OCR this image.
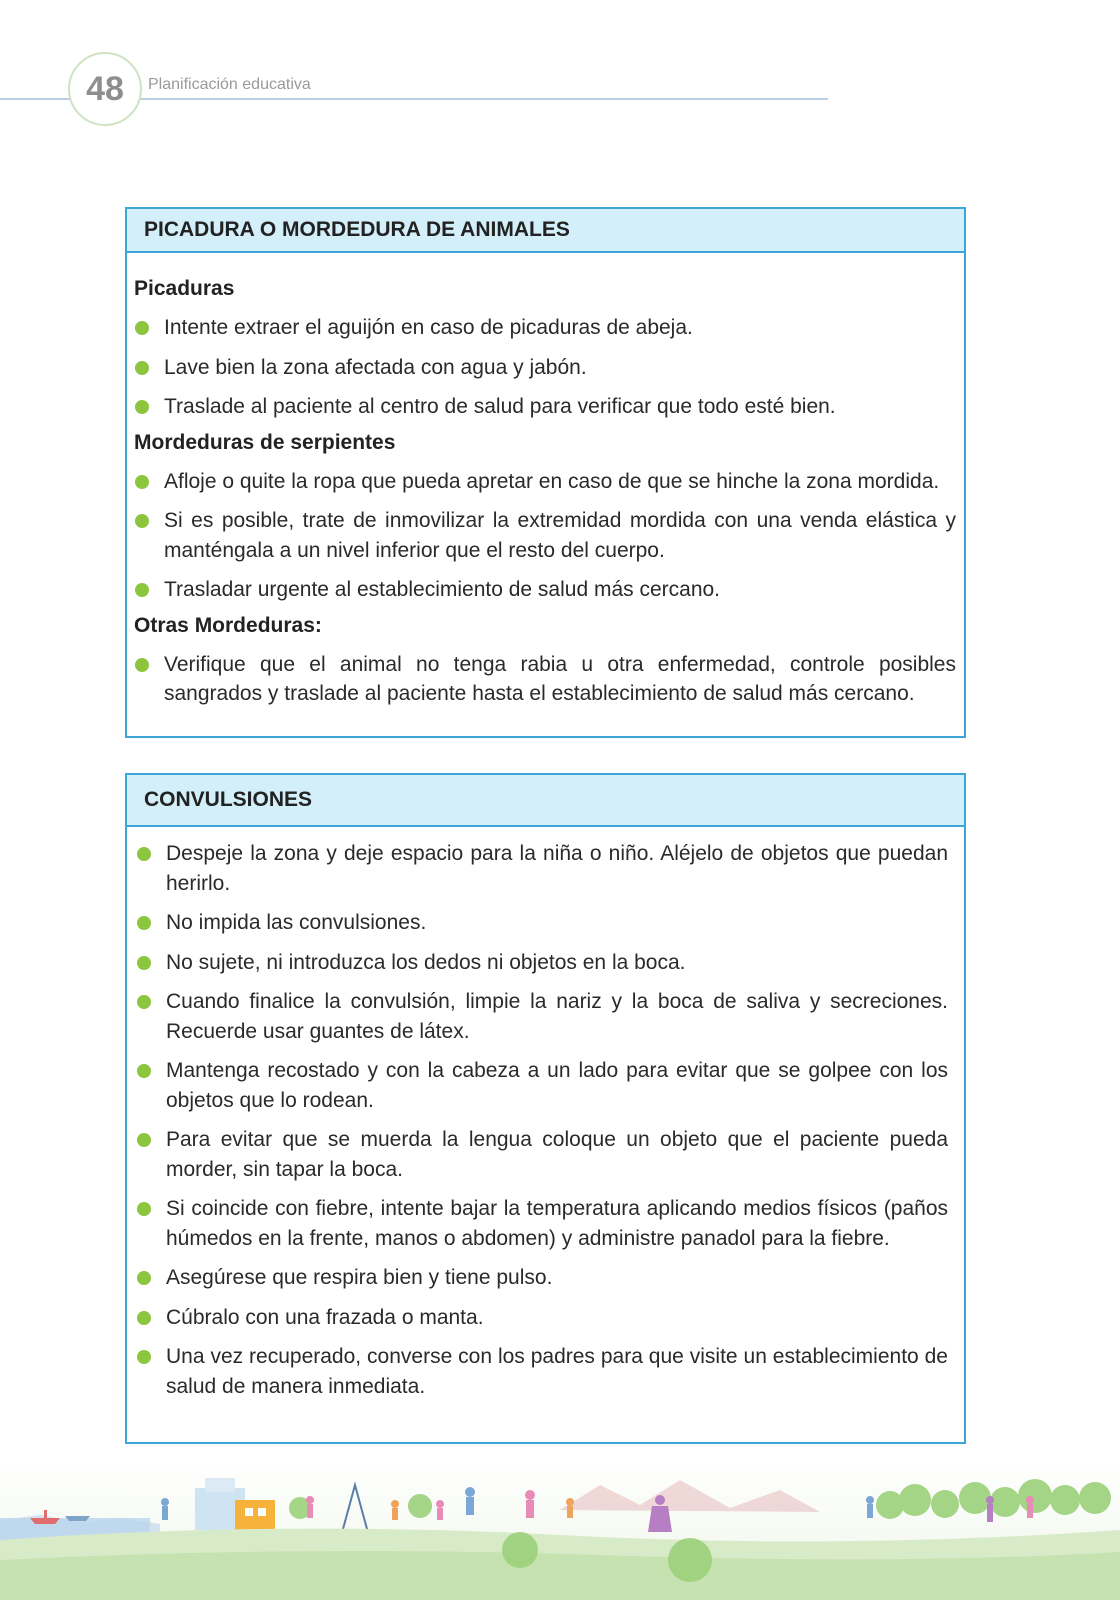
48	Planificación educativa
PICADURA O MORDEDURA DE ANIMALES
Picaduras
Intente extraer el aguijón en caso de picaduras de abeja.
Lave bien la zona afectada con agua y jabón.
Traslade al paciente al centro de salud para verificar que todo esté bien.
Mordeduras de serpientes
Afloje o quite la ropa que pueda apretar en caso de que se hinche la zona mordida.
Si es posible, trate de inmovilizar la extremidad mordida con una venda elástica y manténgala a un nivel inferior que el resto del cuerpo.
Trasladar urgente al establecimiento de salud más cercano.
Otras Mordeduras:
Verifique que el animal no tenga rabia u otra enfermedad, controle posibles sangrados y traslade al paciente hasta el establecimiento de salud más cercano.
CONVULSIONES
Despeje la zona y deje espacio para la niña o niño. Aléjelo de objetos que puedan herirlo.
No impida las convulsiones.
No sujete, ni introduzca los dedos ni objetos en la boca.
Cuando finalice la convulsión, limpie la nariz y la boca de saliva y secreciones. Recuerde usar guantes de látex.
Mantenga recostado y con la cabeza a un lado para evitar que se golpee con los objetos que lo rodean.
Para evitar que se muerda la lengua coloque un objeto que el paciente pueda morder, sin tapar la boca.
Si coincide con fiebre, intente bajar la temperatura aplicando medios físicos (paños húmedos en la frente, manos o abdomen) y administre panadol para la fiebre.
Asegúrese que respira bien y tiene pulso.
Cúbralo con una frazada o manta.
Una vez recuperado, converse con los padres para que visite un establecimiento de salud de manera inmediata.
